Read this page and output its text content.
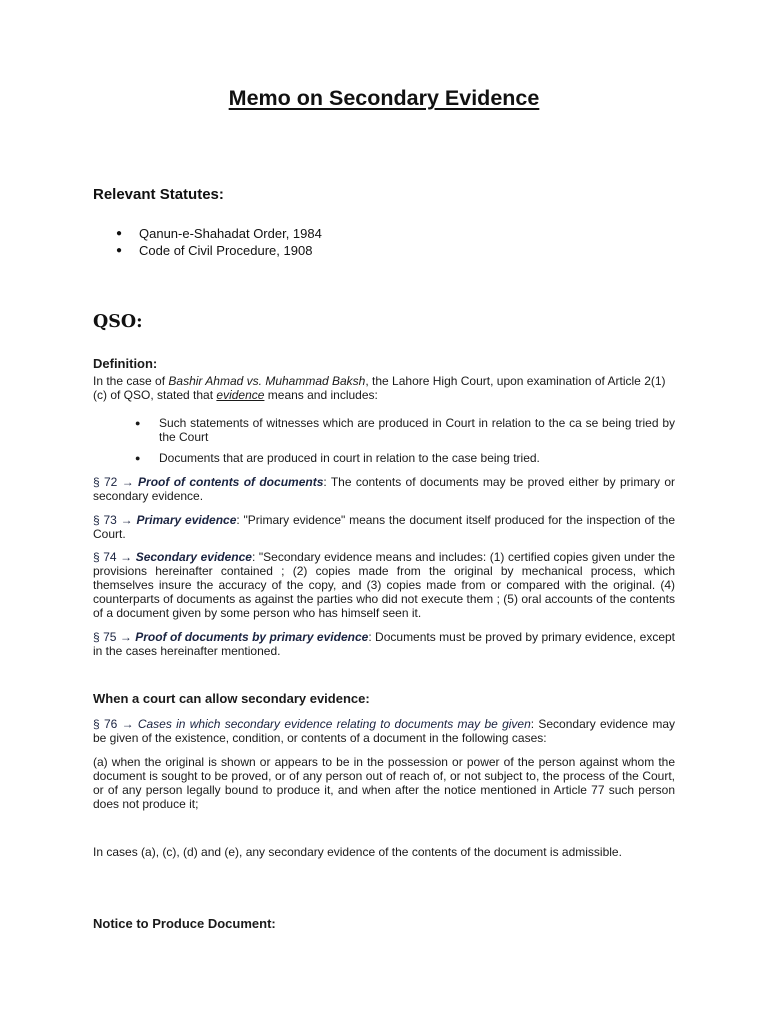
Memo on Secondary Evidence
Relevant Statutes:
● Qanun-e-Shahadat Order, 1984
● Code of Civil Procedure, 1908
QSO:
Definition:
In the case of Bashir Ahmad vs. Muhammad Baksh, the Lahore High Court, upon examination of Article 2(1)(c) of QSO, stated that evidence means and includes:
● Such statements of witnesses which are produced in Court in relation to the ca se being tried by the Court
● Documents that are produced in court in relation to the case being tried.
§ 72 → Proof of contents of documents: The contents of documents may be proved either by primary or secondary evidence.
§ 73 → Primary evidence: "Primary evidence" means the document itself produced for the inspection of the Court.
§ 74 → Secondary evidence: "Secondary evidence means and includes: (1) certified copies given under the provisions hereinafter contained ; (2) copies made from the original by mechanical process, which themselves insure the accuracy of the copy, and (3) copies made from or compared with the original. (4) counterparts of documents as against the parties who did not execute them ; (5) oral accounts of the contents of a document given by some person who has himself seen it.
§ 75 → Proof of documents by primary evidence: Documents must be proved by primary evidence, except in the cases hereinafter mentioned.
When a court can allow secondary evidence:
§ 76 → Cases in which secondary evidence relating to documents may be given: Secondary evidence may be given of the existence, condition, or contents of a document in the following cases:
(a) when the original is shown or appears to be in the possession or power of the person against whom the document is sought to be proved, or of any person out of reach of, or not subject to, the process of the Court, or of any person legally bound to produce it, and when after the notice mentioned in Article 77 such person does not produce it;
In cases (a), (c), (d) and (e), any secondary evidence of the contents of the document is admissible.
Notice to Produce Document:
